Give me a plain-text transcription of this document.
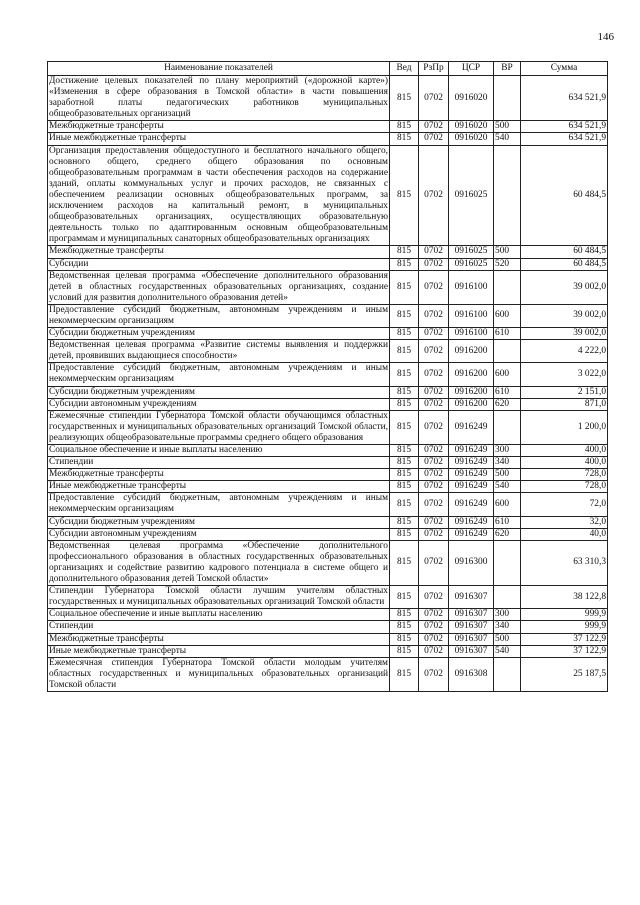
146
Наименование показателей	Вед	РзПр	ЦСР	ВР	Сумма
Достижение целевых показателей по плану мероприятий («дорожной карте») «Изменения в сфере образования в Томской области» в части повышения заработной платы педагогических работников муниципальных общеобразовательных организаций	815	0702	0916020		634 521,9
Межбюджетные трансферты	815	0702	0916020	500	634 521,9
Иные межбюджетные трансферты	815	0702	0916020	540	634 521,9
Организация предоставления общедоступного и бесплатного начального общего, основного общего, среднего общего образования по основным общеобразовательным программам в части обеспечения расходов на содержание зданий, оплаты коммунальных услуг и прочих расходов, не связанных с обеспечением реализации основных общеобразовательных программ, за исключением расходов на капитальный ремонт, в муниципальных общеобразовательных организациях, осуществляющих образовательную деятельность только по адаптированным основным общеобразовательным программам и муниципальных санаторных общеобразовательных организациях	815	0702	0916025		60 484,5
Межбюджетные трансферты	815	0702	0916025	500	60 484,5
Субсидии	815	0702	0916025	520	60 484,5
Ведомственная целевая программа «Обеспечение дополнительного образования детей в областных государственных образовательных организациях, создание условий для развития дополнительного образования детей»	815	0702	0916100		39 002,0
Предоставление субсидий бюджетным, автономным учреждениям и иным некоммерческим организациям	815	0702	0916100	600	39 002,0
Субсидии бюджетным учреждениям	815	0702	0916100	610	39 002,0
Ведомственная целевая программа «Развитие системы выявления и поддержки детей, проявивших выдающиеся способности»	815	0702	0916200		4 222,0
Предоставление субсидий бюджетным, автономным учреждениям и иным некоммерческим организациям	815	0702	0916200	600	3 022,0
Субсидии бюджетным учреждениям	815	0702	0916200	610	2 151,0
Субсидии автономным учреждениям	815	0702	0916200	620	871,0
Ежемесячные стипендии Губернатора Томской области обучающимся областных государственных и муниципальных образовательных организаций Томской области, реализующих общеобразовательные программы среднего общего образования	815	0702	0916249		1 200,0
Социальное обеспечение и иные выплаты населению	815	0702	0916249	300	400,0
Стипендии	815	0702	0916249	340	400,0
Межбюджетные трансферты	815	0702	0916249	500	728,0
Иные межбюджетные трансферты	815	0702	0916249	540	728,0
Предоставление субсидий бюджетным, автономным учреждениям и иным некоммерческим организациям	815	0702	0916249	600	72,0
Субсидии бюджетным учреждениям	815	0702	0916249	610	32,0
Субсидии автономным учреждениям	815	0702	0916249	620	40,0
Ведомственная целевая программа «Обеспечение дополнительного профессионального образования в областных государственных образовательных организациях и содействие развитию кадрового потенциала в системе общего и дополнительного образования детей Томской области»	815	0702	0916300		63 310,3
Стипендии Губернатора Томской области лучшим учителям областных государственных и муниципальных образовательных организаций Томской области	815	0702	0916307		38 122,8
Социальное обеспечение и иные выплаты населению	815	0702	0916307	300	999,9
Стипендии	815	0702	0916307	340	999,9
Межбюджетные трансферты	815	0702	0916307	500	37 122,9
Иные межбюджетные трансферты	815	0702	0916307	540	37 122,9
Ежемесячная стипендия Губернатора Томской области молодым учителям областных государственных и муниципальных образовательных организаций Томской области	815	0702	0916308		25 187,5
